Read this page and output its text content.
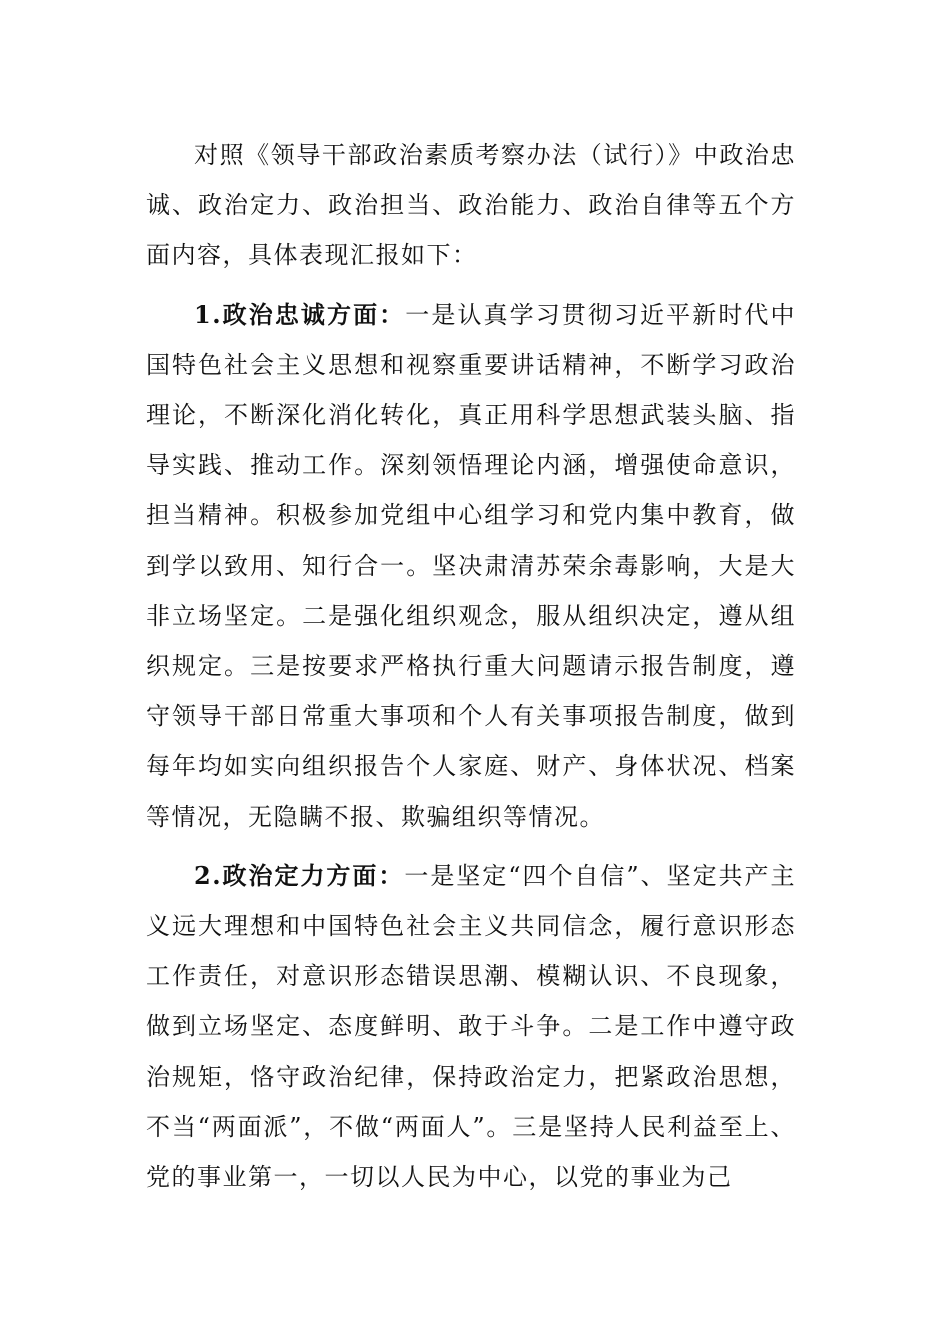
对照《领导干部政治素质考察办法（试行）》中政治忠诚、政治定力、政治担当、政治能力、政治自律等五个方面内容，具体表现汇报如下：

1.政治忠诚方面：一是认真学习贯彻习近平新时代中国特色社会主义思想和视察重要讲话精神，不断学习政治理论，不断深化消化转化，真正用科学思想武装头脑、指导实践、推动工作。深刻领悟理论内涵，增强使命意识，担当精神。积极参加党组中心组学习和党内集中教育，做到学以致用、知行合一。坚决肃清苏荣余毒影响，大是大非立场坚定。二是强化组织观念，服从组织决定，遵从组织规定。三是按要求严格执行重大问题请示报告制度，遵守领导干部日常重大事项和个人有关事项报告制度，做到每年均如实向组织报告个人家庭、财产、身体状况、档案等情况，无隐瞒不报、欺骗组织等情况。

2.政治定力方面：一是坚定“四个自信”、坚定共产主义远大理想和中国特色社会主义共同信念，履行意识形态工作责任，对意识形态错误思潮、模糊认识、不良现象，做到立场坚定、态度鲜明、敢于斗争。二是工作中遵守政治规矩，恪守政治纪律，保持政治定力，把紧政治思想，不当“两面派”，不做“两面人”。三是坚持人民利益至上、党的事业第一，一切以人民为中心，以党的事业为己
